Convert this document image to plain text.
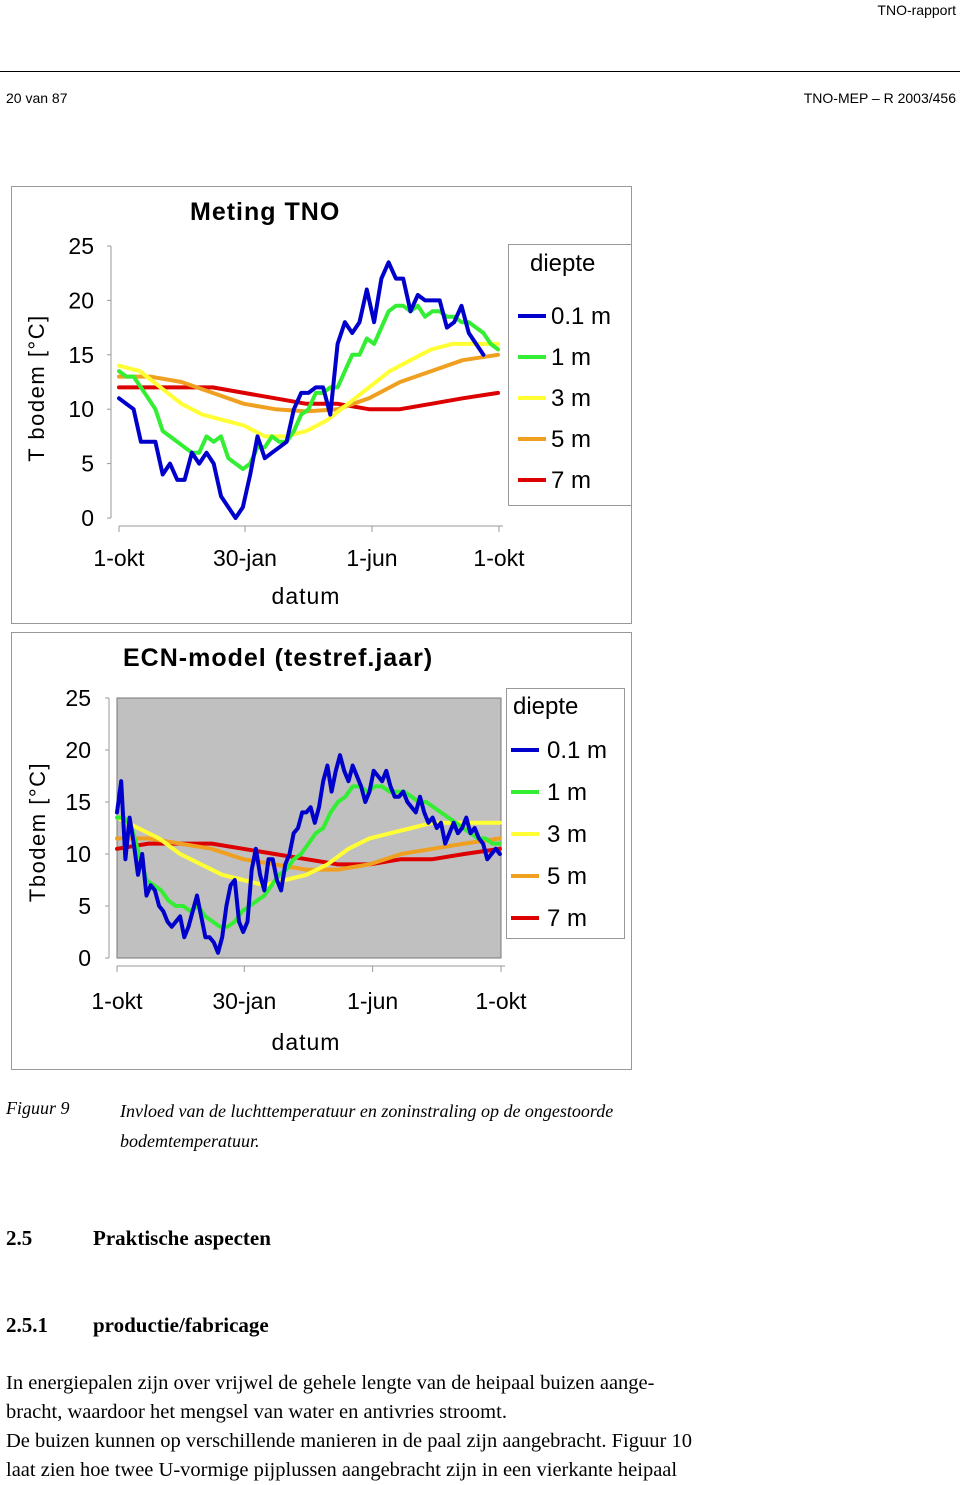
TNO-rapport
20 van 87	TNO-MEP – R 2003/456
Meting TNO
T bodem [°C]
datum
0
5
10
15
20
25
1-okt	30-jan	1-jun	1-okt
diepte
0.1 m
1 m
3 m
5 m
7 m
ECN-model (testref.jaar)
Tbodem [°C]
datum
0
5
10
15
20
25
1-okt	30-jan	1-jun	1-okt
diepte
0.1 m
1 m
3 m
5 m
7 m
Figuur 9	Invloed van de luchttemperatuur en zoninstraling op de ongestoorde
bodemtemperatuur.
2.5	Praktische aspecten
2.5.1 productie/fabricage

In energiepalen zijn over vrijwel de gehele lengte van de heipaal buizen aange-

bracht, waardoor het mengsel van water en antivries stroomt.

De buizen kunnen op verschillende manieren in de paal zijn aangebracht. Figuur 10

laat zien hoe twee U-vormige pijplussen aangebracht zijn in een vierkante heipaal
